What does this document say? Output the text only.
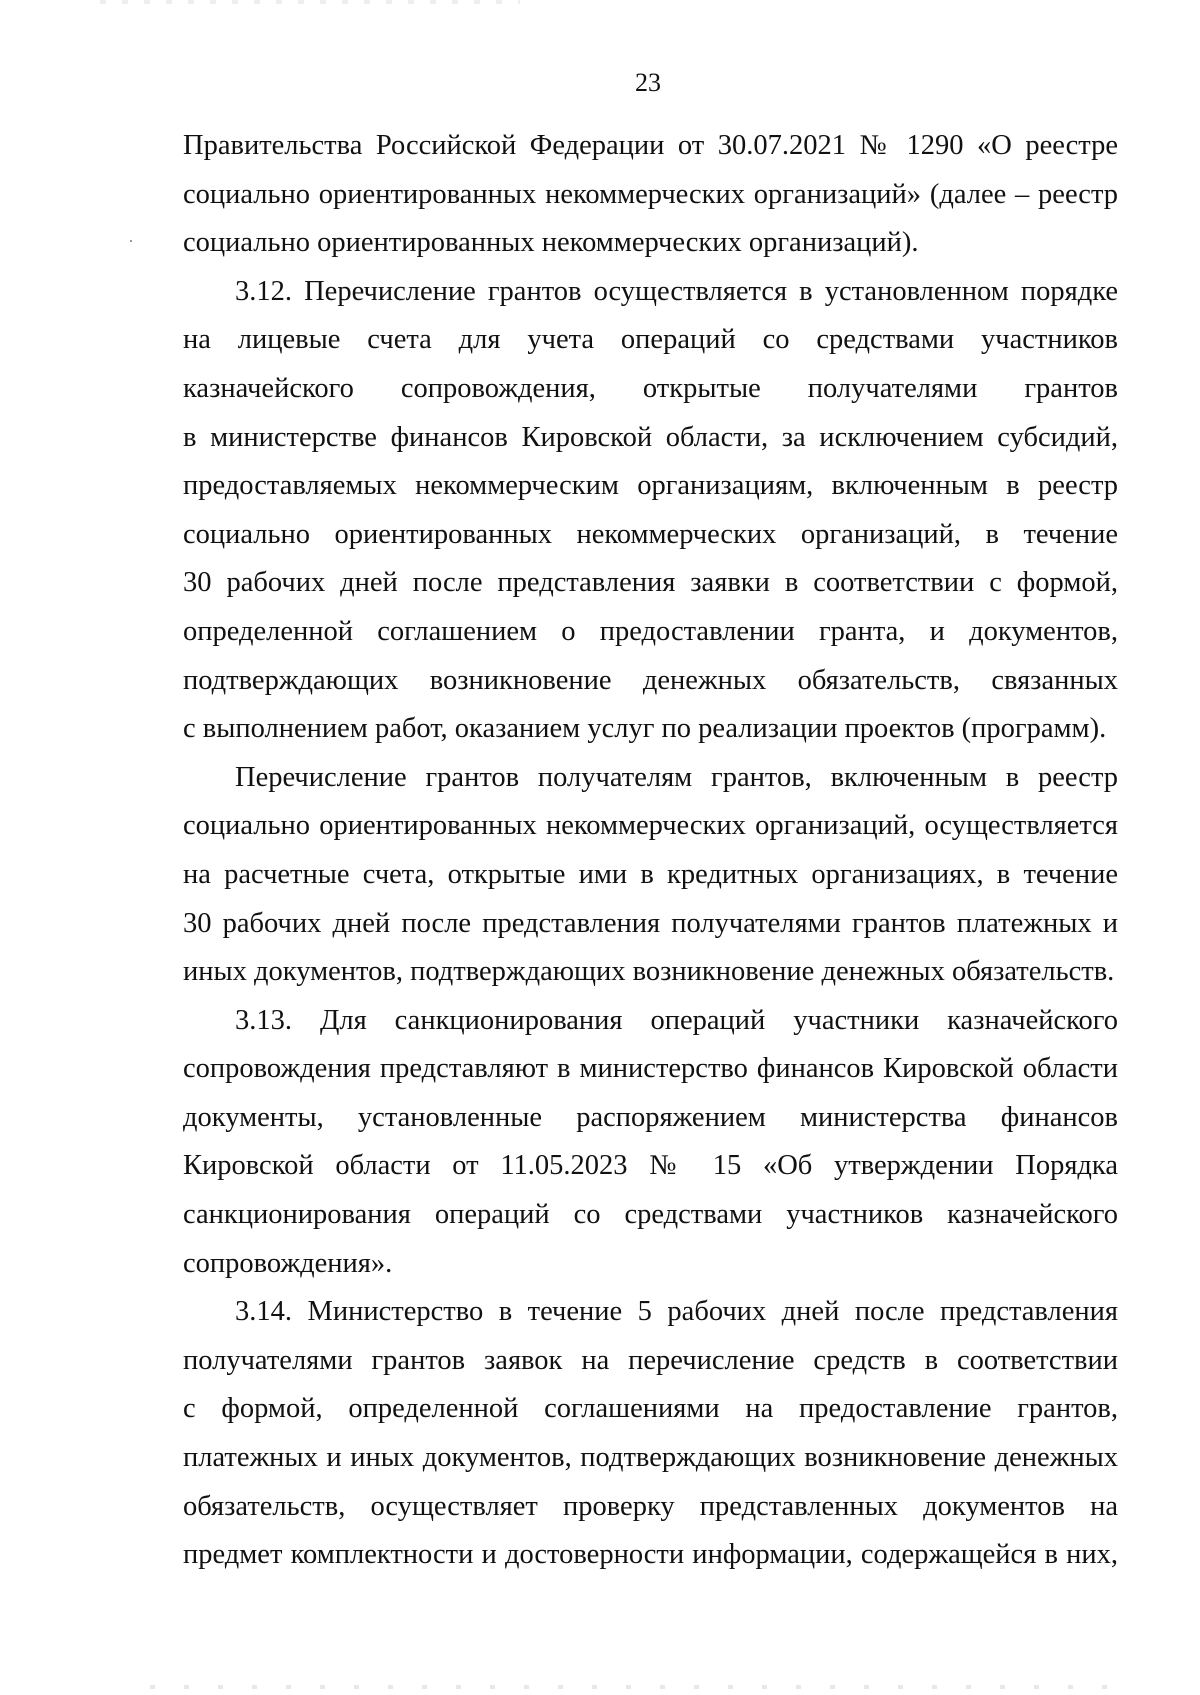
23
Правительства Российской Федерации от 30.07.2021 № 1290 «О реестре
социально ориентированных некоммерческих организаций» (далее – реестр
социально ориентированных некоммерческих организаций).
3.12. Перечисление грантов осуществляется в установленном порядке
на лицевые счета для учета операций со средствами участников
казначейского сопровождения, открытые получателями грантов
в министерстве финансов Кировской области, за исключением субсидий,
предоставляемых некоммерческим организациям, включенным в реестр
социально ориентированных некоммерческих организаций, в течение
30 рабочих дней после представления заявки в соответствии с формой,
определенной соглашением о предоставлении гранта, и документов,
подтверждающих возникновение денежных обязательств, связанных
с выполнением работ, оказанием услуг по реализации проектов (программ).
Перечисление грантов получателям грантов, включенным в реестр
социально ориентированных некоммерческих организаций, осуществляется
на расчетные счета, открытые ими в кредитных организациях, в течение
30 рабочих дней после представления получателями грантов платежных и
иных документов, подтверждающих возникновение денежных обязательств.
3.13. Для санкционирования операций участники казначейского
сопровождения представляют в министерство финансов Кировской области
документы, установленные распоряжением министерства финансов
Кировской области от 11.05.2023 № 15 «Об утверждении Порядка
санкционирования операций со средствами участников казначейского
сопровождения».
3.14. Министерство в течение 5 рабочих дней после представления
получателями грантов заявок на перечисление средств в соответствии
с формой, определенной соглашениями на предоставление грантов,
платежных и иных документов, подтверждающих возникновение денежных
обязательств, осуществляет проверку представленных документов на
предмет комплектности и достоверности информации, содержащейся в них,
